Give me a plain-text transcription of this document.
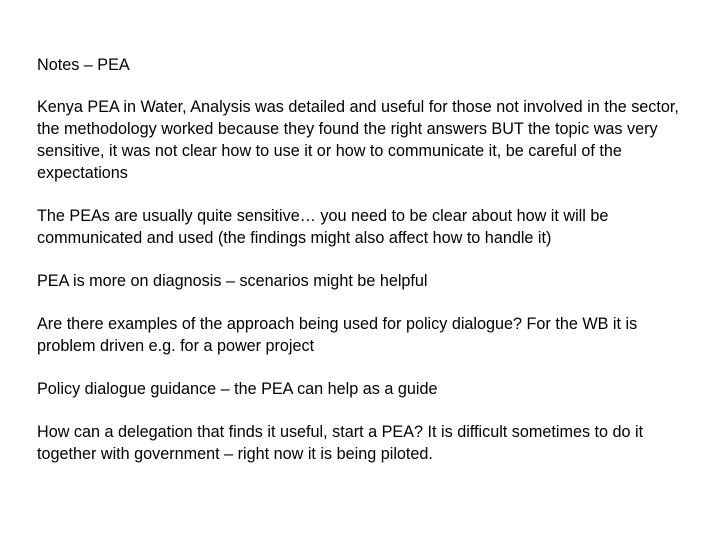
Notes – PEA

Kenya PEA in Water, Analysis was detailed and useful for those not involved in the sector, the methodology worked because they found the right answers BUT the topic was very sensitive, it was not clear how to use it or how to communicate it, be careful of the expectations

The PEAs are usually quite sensitive… you need to be clear about how it will be communicated and used (the findings might also affect how to handle it)

PEA is more on diagnosis – scenarios might be helpful

Are there examples of the approach being used for policy dialogue? For the WB it is problem driven e.g. for a power project

Policy dialogue guidance – the PEA can help as a guide

How can a delegation that finds it useful, start a PEA? It is difficult sometimes to do it together with government – right now it is being piloted.
